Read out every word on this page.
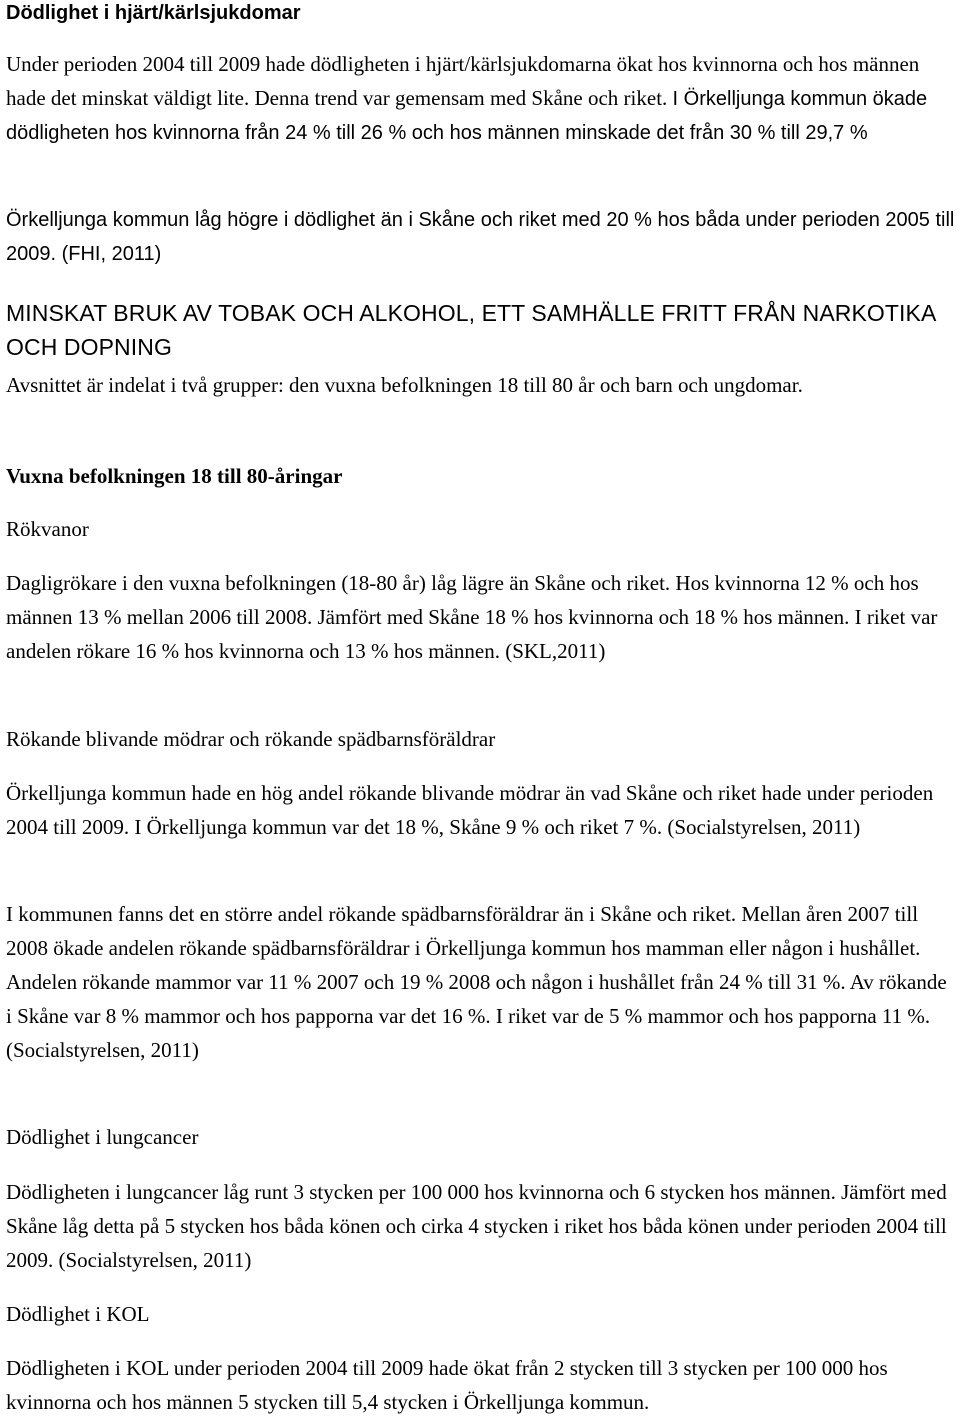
Dödlighet i hjärt/kärlsjukdomar

Under perioden 2004 till 2009 hade dödligheten i hjärt/kärlsjukdomarna ökat hos kvinnorna och hos männen hade det minskat väldigt lite. Denna trend var gemensam med Skåne och riket. I Örkelljunga kommun ökade dödligheten hos kvinnorna från 24 % till 26 % och hos männen minskade det från 30 % till 29,7 %

Örkelljunga kommun låg högre i dödlighet än i Skåne och riket med 20 % hos båda under perioden 2005 till 2009. (FHI, 2011)

MINSKAT BRUK AV TOBAK OCH ALKOHOL, ETT SAMHÄLLE FRITT FRÅN NARKOTIKA OCH DOPNING

Avsnittet är indelat i två grupper: den vuxna befolkningen 18 till 80 år och barn och ungdomar.

Vuxna befolkningen 18 till 80-åringar

Rökvanor

Dagligrökare i den vuxna befolkningen (18-80 år) låg lägre än Skåne och riket. Hos kvinnorna 12 % och hos männen 13 % mellan 2006 till 2008. Jämfört med Skåne 18 % hos kvinnorna och 18 % hos männen. I riket var andelen rökare 16 % hos kvinnorna och 13 % hos männen. (SKL,2011)

Rökande blivande mödrar och rökande spädbarnsföräldrar

Örkelljunga kommun hade en hög andel rökande blivande mödrar än vad Skåne och riket hade under perioden 2004 till 2009. I Örkelljunga kommun var det 18 %, Skåne 9 % och riket 7 %. (Socialstyrelsen, 2011)

I kommunen fanns det en större andel rökande spädbarnsföräldrar än i Skåne och riket. Mellan åren 2007 till 2008 ökade andelen rökande spädbarnsföräldrar i Örkelljunga kommun hos mamman eller någon i hushållet. Andelen rökande mammor var 11 % 2007 och 19 % 2008 och någon i hushållet från 24 % till 31 %. Av rökande i Skåne var 8 % mammor och hos papporna var det 16 %. I riket var de 5 % mammor och hos papporna 11 %. (Socialstyrelsen, 2011)

Dödlighet i lungcancer

Dödligheten i lungcancer låg runt 3 stycken per 100 000 hos kvinnorna och 6 stycken hos männen. Jämfört med Skåne låg detta på 5 stycken hos båda könen och cirka 4 stycken i riket hos båda könen under perioden 2004 till 2009. (Socialstyrelsen, 2011)

Dödlighet i KOL

Dödligheten i KOL under perioden 2004 till 2009 hade ökat från 2 stycken till 3 stycken per 100 000 hos kvinnorna och hos männen 5 stycken till 5,4 stycken i Örkelljunga kommun.
